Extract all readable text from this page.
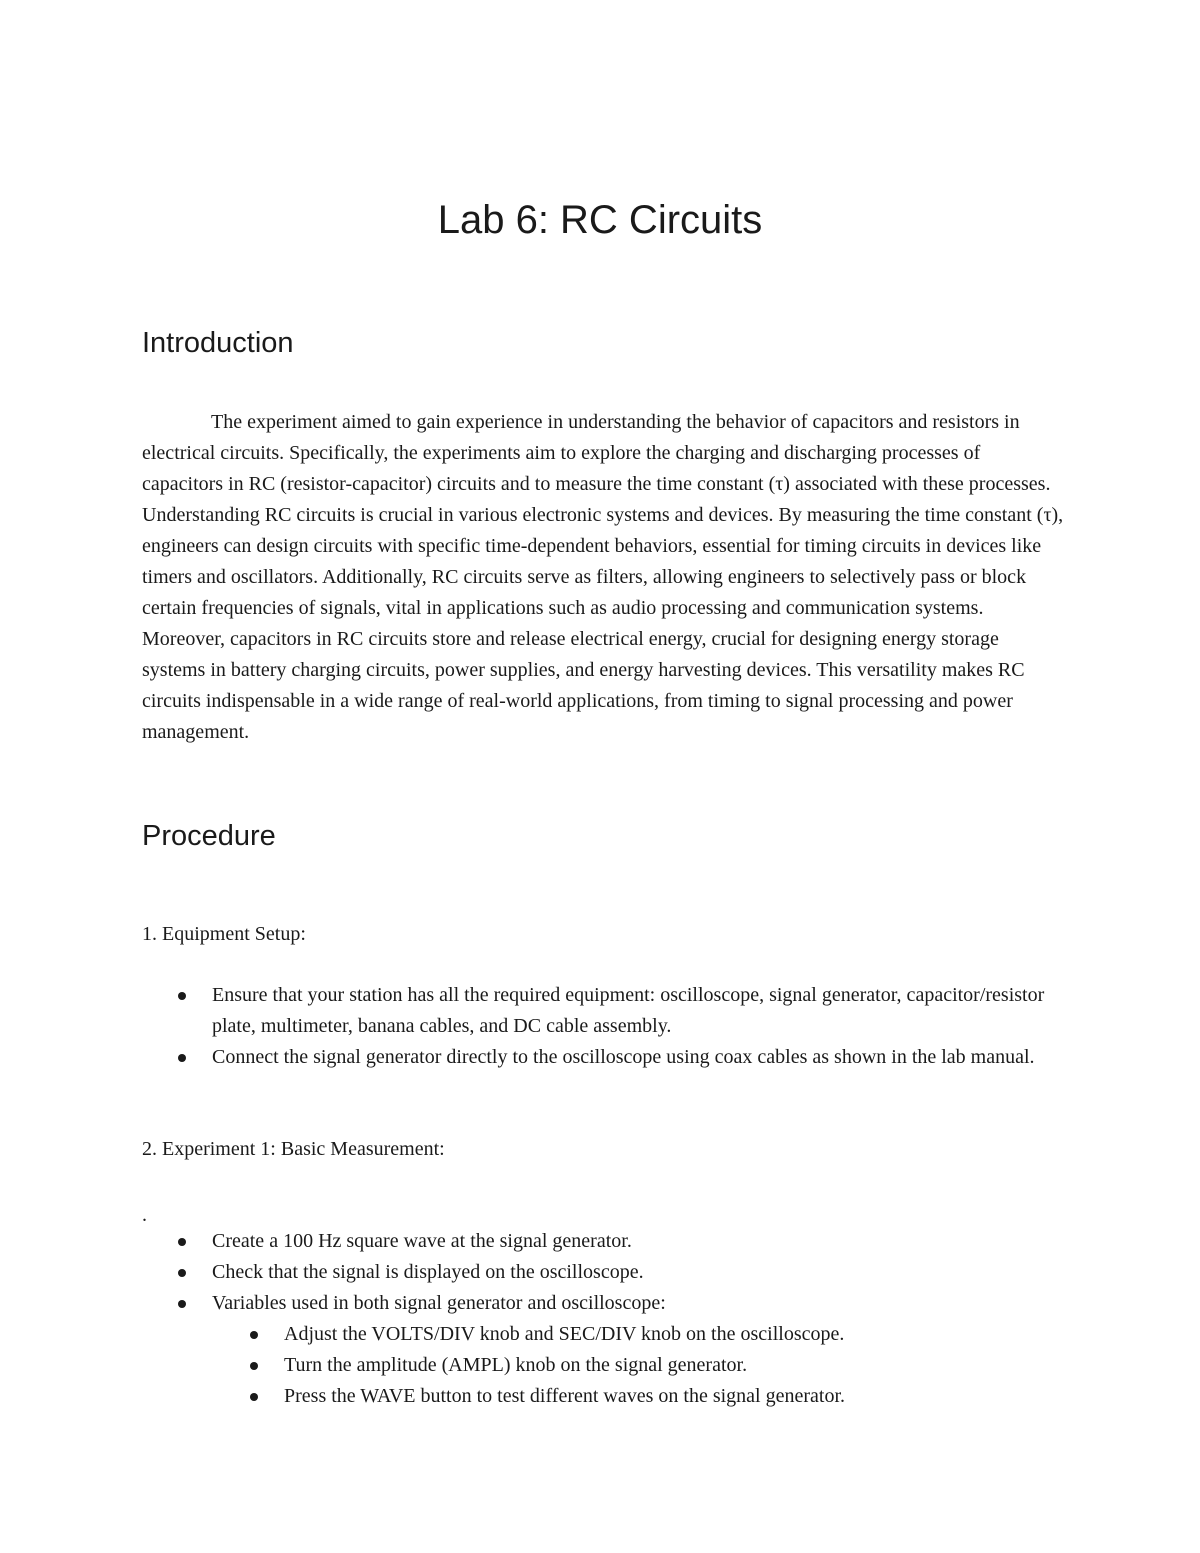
Lab 6: RC Circuits
Introduction

The experiment aimed to gain experience in understanding the behavior of capacitors and resistors in electrical circuits. Specifically, the experiments aim to explore the charging and discharging processes of capacitors in RC (resistor-capacitor) circuits and to measure the time constant (τ) associated with these processes. Understanding RC circuits is crucial in various electronic systems and devices. By measuring the time constant (τ), engineers can design circuits with specific time-dependent behaviors, essential for timing circuits in devices like timers and oscillators. Additionally, RC circuits serve as filters, allowing engineers to selectively pass or block certain frequencies of signals, vital in applications such as audio processing and communication systems. Moreover, capacitors in RC circuits store and release electrical energy, crucial for designing energy storage systems in battery charging circuits, power supplies, and energy harvesting devices. This versatility makes RC circuits indispensable in a wide range of real-world applications, from timing to signal processing and power management.

Procedure

1. Equipment Setup:

Ensure that your station has all the required equipment: oscilloscope, signal generator, capacitor/resistor plate, multimeter, banana cables, and DC cable assembly.
Connect the signal generator directly to the oscilloscope using coax cables as shown in the lab manual.

2. Experiment 1: Basic Measurement:

.

Create a 100 Hz square wave at the signal generator.
Check that the signal is displayed on the oscilloscope.
Variables used in both signal generator and oscilloscope:
Adjust the VOLTS/DIV knob and SEC/DIV knob on the oscilloscope.
Turn the amplitude (AMPL) knob on the signal generator.
Press the WAVE button to test different waves on the signal generator.
